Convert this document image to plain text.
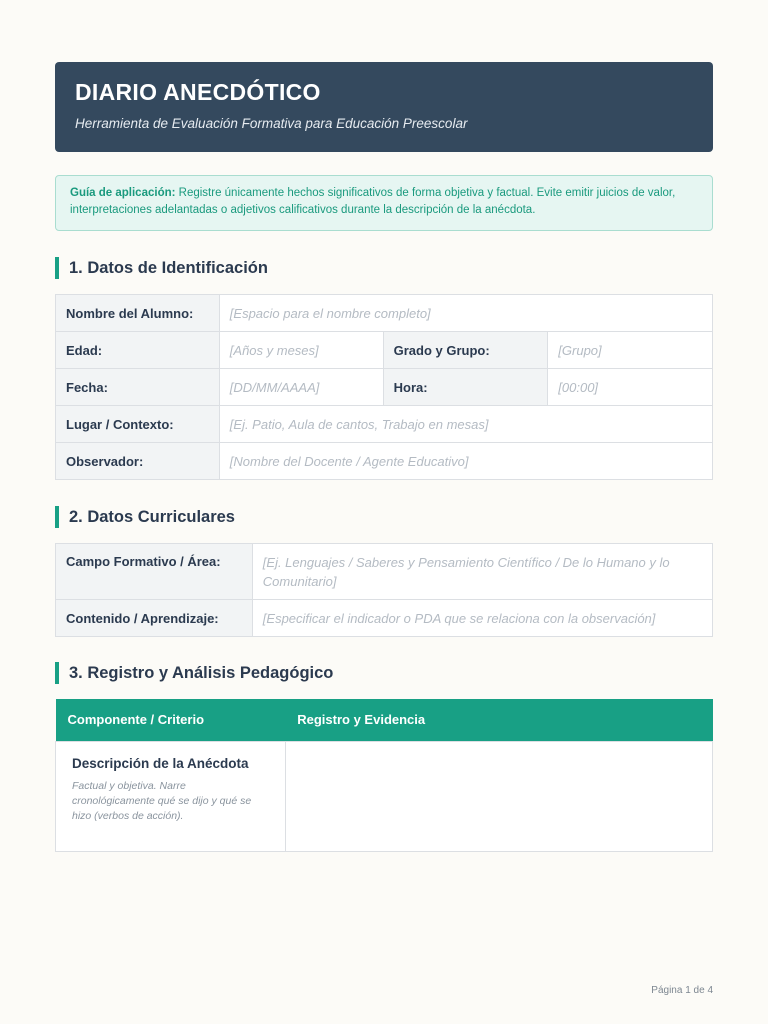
DIARIO ANECDÓTICO
Herramienta de Evaluación Formativa para Educación Preescolar
Guía de aplicación: Registre únicamente hechos significativos de forma objetiva y factual. Evite emitir juicios de valor, interpretaciones adelantadas o adjetivos calificativos durante la descripción de la anécdota.
1. Datos de Identificación
Nombre del Alumno:	[Espacio para el nombre completo]		
Edad:	[Años y meses]	Grado y Grupo:	[Grupo]
Fecha:	[DD/MM/AAAA]	Hora:	[00:00]
Lugar / Contexto:	[Ej. Patio, Aula de cantos, Trabajo en mesas]		
Observador:	[Nombre del Docente / Agente Educativo]		
2. Datos Curriculares
Campo Formativo / Área:	[Ej. Lenguajes / Saberes y Pensamiento Científico / De lo Humano y lo Comunitario]
Contenido / Aprendizaje:	[Especificar el indicador o PDA que se relaciona con la observación]
3. Registro y Análisis Pedagógico
Componente / Criterio	Registro y Evidencia

Descripción de la Anécdota
Factual y objetiva. Narre cronológicamente qué se dijo y qué se hizo (verbos de acción).	

Página 1 de 4
